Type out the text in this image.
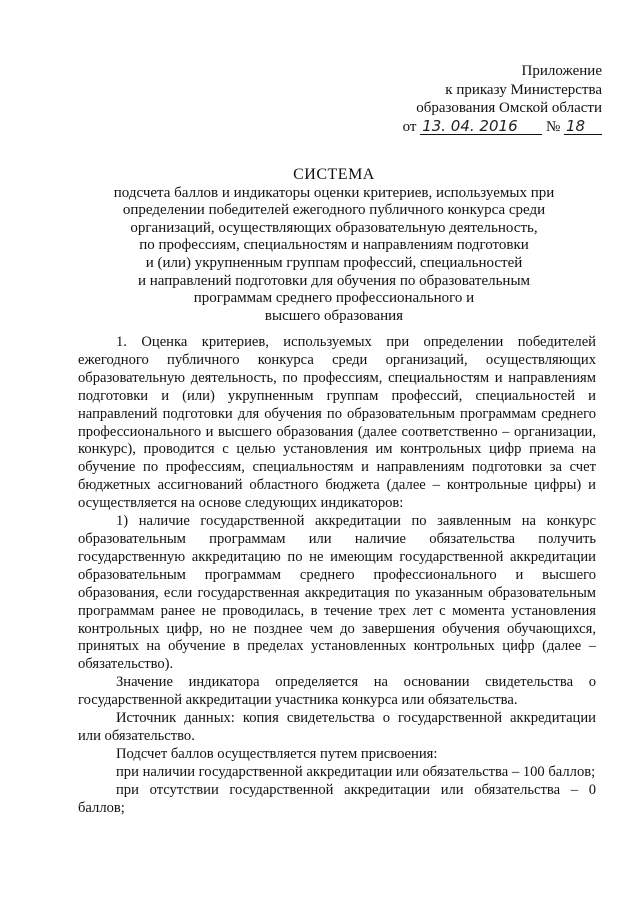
Приложение
к приказу Министерства
образования Омской области
от 13. 04. 2016 № 18
СИСТЕМА
подсчета баллов и индикаторы оценки критериев, используемых при
определении победителей ежегодного публичного конкурса среди
организаций, осуществляющих образовательную деятельность,
по профессиям, специальностям и направлениям подготовки
и (или) укрупненным группам профессий, специальностей
и направлений подготовки для обучения по образовательным
программам среднего профессионального и
высшего образования

1. Оценка критериев, используемых при определении победителей ежегодного публичного конкурса среди организаций, осуществляющих образовательную деятельность, по профессиям, специальностям и направлениям подготовки и (или) укрупненным группам профессий, специальностей и направлений подготовки для обучения по образовательным программам среднего профессионального и высшего образования (далее соответственно – организации, конкурс), проводится с целью установления им контрольных цифр приема на обучение по профессиям, специальностям и направлениям подготовки за счет бюджетных ассигнований областного бюджета (далее – контрольные цифры) и осуществляется на основе следующих индикаторов:

1) наличие государственной аккредитации по заявленным на конкурс образовательным программам или наличие обязательства получить государственную аккредитацию по не имеющим государственной аккредитации образовательным программам среднего профессионального и высшего образования, если государственная аккредитация по указанным образовательным программам ранее не проводилась, в течение трех лет с момента установления контрольных цифр, но не позднее чем до завершения обучения обучающихся, принятых на обучение в пределах установленных контрольных цифр (далее – обязательство).

Значение индикатора определяется на основании свидетельства о государственной аккредитации участника конкурса или обязательства.

Источник данных: копия свидетельства о государственной аккредитации или обязательство.

Подсчет баллов осуществляется путем присвоения:

при наличии государственной аккредитации или обязательства – 100 баллов;

при отсутствии государственной аккредитации или обязательства – 0 баллов;
